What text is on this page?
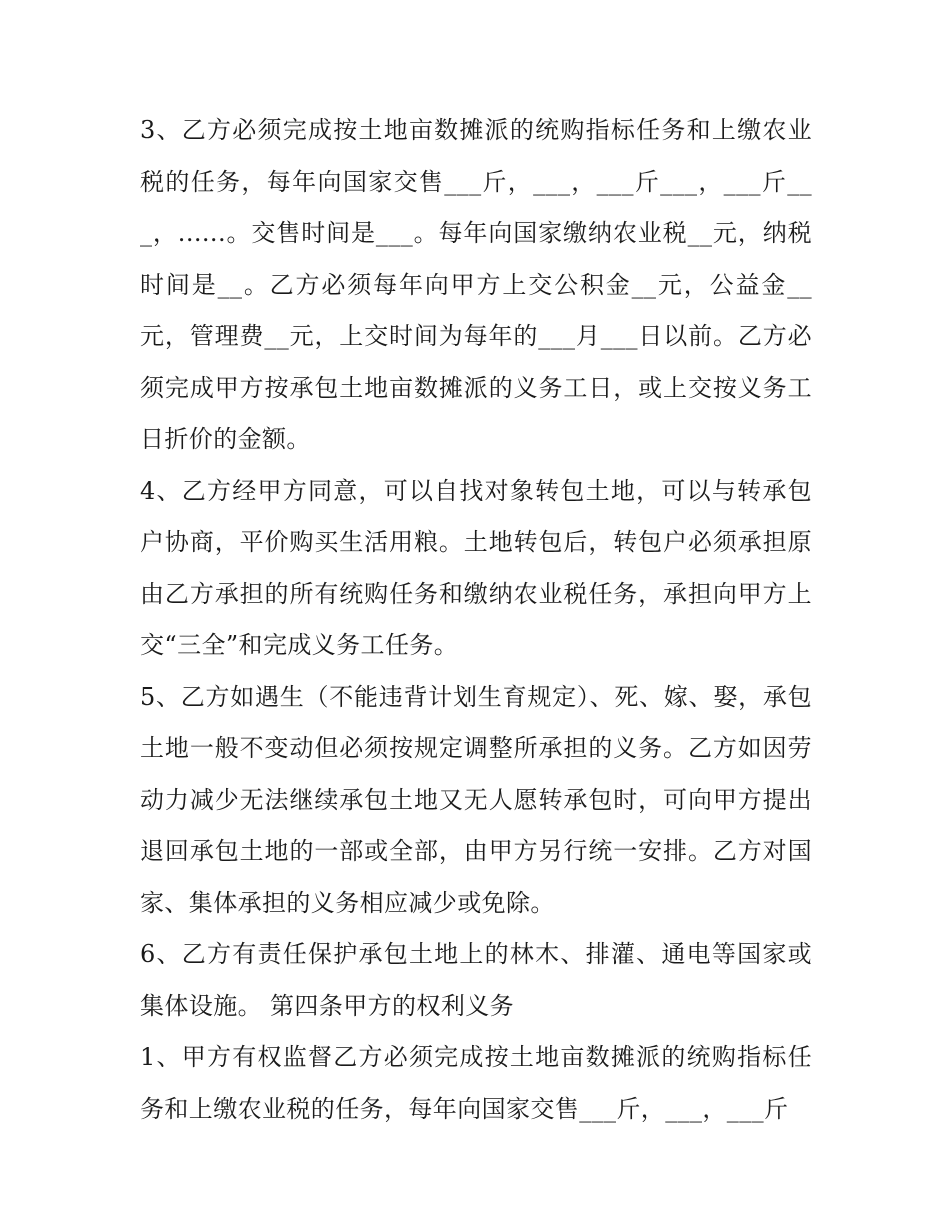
3、乙方必须完成按土地亩数摊派的统购指标任务和上缴农业税的任务，每年向国家交售___斤，___，___斤___，___斤___，......。交售时间是___。每年向国家缴纳农业税__元，纳税时间是__。乙方必须每年向甲方上交公积金__元，公益金__元，管理费__元，上交时间为每年的___月___日以前。乙方必须完成甲方按承包土地亩数摊派的义务工日，或上交按义务工日折价的金额。

4、乙方经甲方同意，可以自找对象转包土地，可以与转承包户协商，平价购买生活用粮。土地转包后，转包户必须承担原由乙方承担的所有统购任务和缴纳农业税任务，承担向甲方上交“三全”和完成义务工任务。

5、乙方如遇生（不能违背计划生育规定）、死、嫁、娶，承包土地一般不变动但必须按规定调整所承担的义务。乙方如因劳动力减少无法继续承包土地又无人愿转承包时，可向甲方提出退回承包土地的一部或全部，由甲方另行统一安排。乙方对国家、集体承担的义务相应减少或免除。

6、乙方有责任保护承包土地上的林木、排灌、通电等国家或集体设施。 第四条甲方的权利义务

1、甲方有权监督乙方必须完成按土地亩数摊派的统购指标任务和上缴农业税的任务，每年向国家交售___斤，___，___斤
